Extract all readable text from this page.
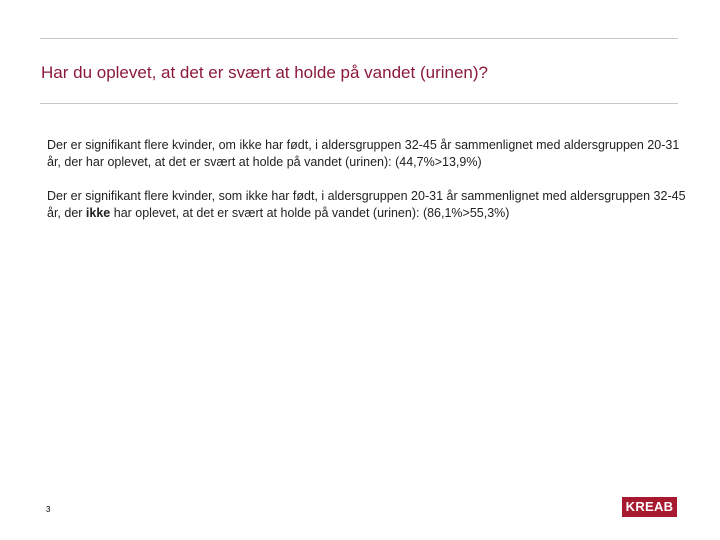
Har du oplevet, at det er svært at holde på vandet (urinen)?

Der er signifikant flere kvinder, om ikke har født, i aldersgruppen 32-45 år sammenlignet med aldersgruppen 20-31 år, der har oplevet, at det er svært at holde på vandet (urinen): (44,7%>13,9%)

Der er signifikant flere kvinder, som ikke har født, i aldersgruppen 20-31 år sammenlignet med aldersgruppen 32-45 år, der ikke har oplevet, at det er svært at holde på vandet (urinen): (86,1%>55,3%)

3	KREAB
